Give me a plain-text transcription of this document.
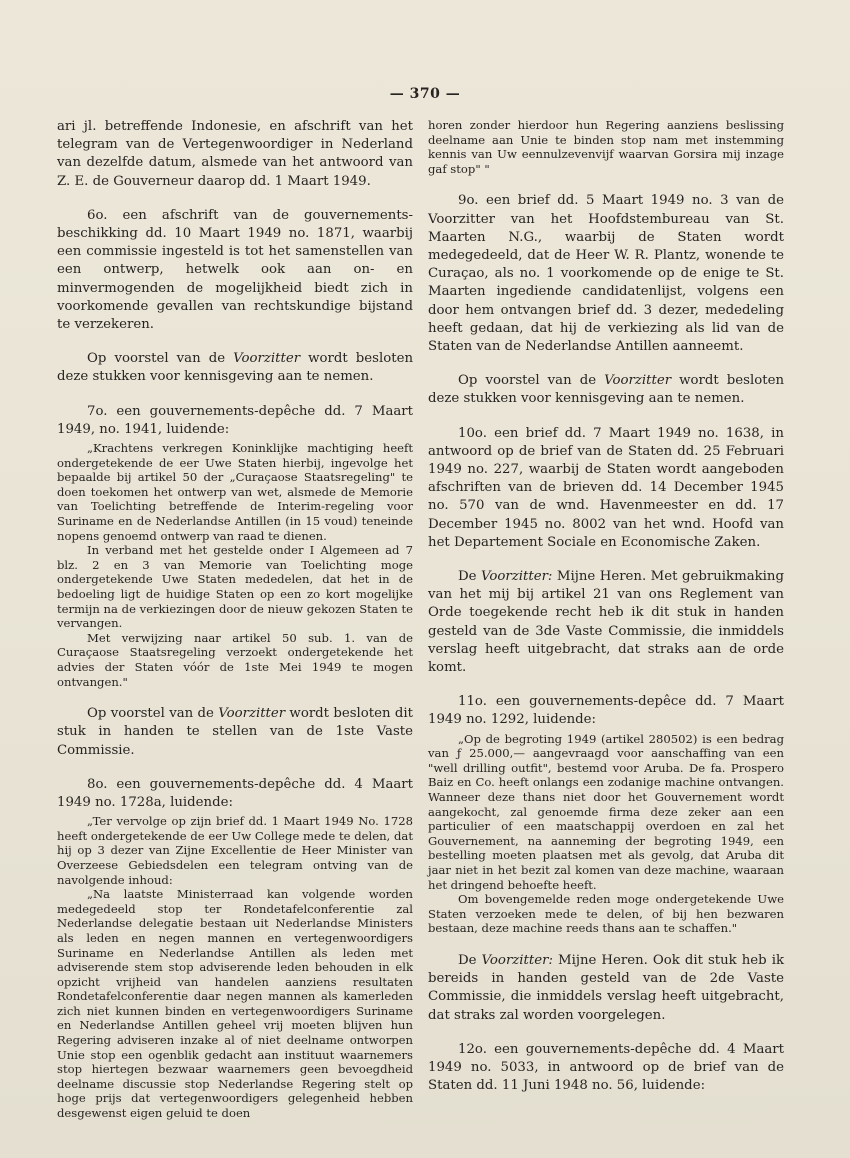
— 370 —

ari jl. betreffende Indonesie, en afschrift van het telegram van de Vertegenwoordiger in Nederland van dezelfde datum, alsmede van het antwoord van Z. E. de Gouverneur daarop dd. 1 Maart 1949.

6o. een afschrift van de gouvernements-beschikking dd. 10 Maart 1949 no. 1871, waarbij een commissie ingesteld is tot het samenstellen van een ontwerp, hetwelk ook aan on- en minvermogenden de mogelijkheid biedt zich in voorkomende gevallen van rechtskundige bijstand te verzekeren.

Op voorstel van de Voorzitter wordt besloten deze stukken voor kennisgeving aan te nemen.

7o. een gouvernements-depêche dd. 7 Maart 1949, no. 1941, luidende:

„Krachtens verkregen Koninklijke machtiging heeft ondergetekende de eer Uwe Staten hierbij, ingevolge het bepaalde bij artikel 50 der „Curaçaose Staatsregeling" te doen toekomen het ontwerp van wet, alsmede de Memorie van Toelichting betreffende de Interim-regeling voor Suriname en de Nederlandse Antillen (in 15 voud) teneinde nopens genoemd ontwerp van raad te dienen.

In verband met het gestelde onder I Algemeen ad 7 blz. 2 en 3 van Memorie van Toelichting moge ondergetekende Uwe Staten mededelen, dat het in de bedoeling ligt de huidige Staten op een zo kort mogelijke termijn na de verkiezingen door de nieuw gekozen Staten te vervangen.

Met verwijzing naar artikel 50 sub. 1. van de Curaçaose Staatsregeling verzoekt ondergetekende het advies der Staten vóór de 1ste Mei 1949 te mogen ontvangen."

Op voorstel van de Voorzitter wordt besloten dit stuk in handen te stellen van de 1ste Vaste Commissie.

8o. een gouvernements-depêche dd. 4 Maart 1949 no. 1728a, luidende:

„Ter vervolge op zijn brief dd. 1 Maart 1949 No. 1728 heeft ondergetekende de eer Uw College mede te delen, dat hij op 3 dezer van Zijne Excellentie de Heer Minister van Overzeese Gebiedsdelen een telegram ontving van de navolgende inhoud:

„Na laatste Ministerraad kan volgende worden medegedeeld stop ter Rondetafelconferentie zal Nederlandse delegatie bestaan uit Nederlandse Ministers als leden en negen mannen en vertegenwoordigers Suriname en Nederlandse Antillen als leden met adviserende stem stop adviserende leden behouden in elk opzicht vrijheid van handelen aanziens resultaten Rondetafelconferentie daar negen mannen als kamerleden zich niet kunnen binden en vertegenwoordigers Suriname en Nederlandse Antillen geheel vrij moeten blijven hun Regering adviseren inzake al of niet deelname ontworpen Unie stop een ogenblik gedacht aan instituut waarnemers stop hiertegen bezwaar waarnemers geen bevoegdheid deelname discussie stop Nederlandse Regering stelt op hoge prijs dat vertegenwoordigers gelegenheid hebben desgewenst eigen geluid te doen

horen zonder hierdoor hun Regering aanziens beslissing deelname aan Unie te binden stop nam met instemming kennis van Uw eennulzevenvijf waarvan Gorsira mij inzage gaf stop" "

9o. een brief dd. 5 Maart 1949 no. 3 van de Voorzitter van het Hoofdstembureau van St. Maarten N.G., waarbij de Staten wordt medegedeeld, dat de Heer W. R. Plantz, wonende te Curaçao, als no. 1 voorkomende op de enige te St. Maarten ingediende candidatenlijst, volgens een door hem ontvangen brief dd. 3 dezer, mededeling heeft gedaan, dat hij de verkiezing als lid van de Staten van de Nederlandse Antillen aanneemt.

Op voorstel van de Voorzitter wordt besloten deze stukken voor kennisgeving aan te nemen.

10o. een brief dd. 7 Maart 1949 no. 1638, in antwoord op de brief van de Staten dd. 25 Februari 1949 no. 227, waarbij de Staten wordt aangeboden afschriften van de brieven dd. 14 December 1945 no. 570 van de wnd. Havenmeester en dd. 17 December 1945 no. 8002 van het wnd. Hoofd van het Departement Sociale en Economische Zaken.

De Voorzitter: Mijne Heren. Met gebruikmaking van het mij bij artikel 21 van ons Reglement van Orde toegekende recht heb ik dit stuk in handen gesteld van de 3de Vaste Commissie, die inmiddels verslag heeft uitgebracht, dat straks aan de orde komt.

11o. een gouvernements-depêce dd. 7 Maart 1949 no. 1292, luidende:

„Op de begroting 1949 (artikel 280502) is een bedrag van ƒ 25.000,— aangevraagd voor aanschaffing van een "well drilling outfit", bestemd voor Aruba. De fa. Prospero Baiz en Co. heeft onlangs een zodanige machine ontvangen. Wanneer deze thans niet door het Gouvernement wordt aangekocht, zal genoemde firma deze zeker aan een particulier of een maatschappij overdoen en zal het Gouvernement, na aanneming der begroting 1949, een bestelling moeten plaatsen met als gevolg, dat Aruba dit jaar niet in het bezit zal komen van deze machine, waaraan het dringend behoefte heeft.

Om bovengemelde reden moge ondergetekende Uwe Staten verzoeken mede te delen, of bij hen bezwaren bestaan, deze machine reeds thans aan te schaffen."

De Voorzitter: Mijne Heren. Ook dit stuk heb ik bereids in handen gesteld van de 2de Vaste Commissie, die inmiddels verslag heeft uitgebracht, dat straks zal worden voorgelegen.

12o. een gouvernements-depêche dd. 4 Maart 1949 no. 5033, in antwoord op de brief van de Staten dd. 11 Juni 1948 no. 56, luidende:
